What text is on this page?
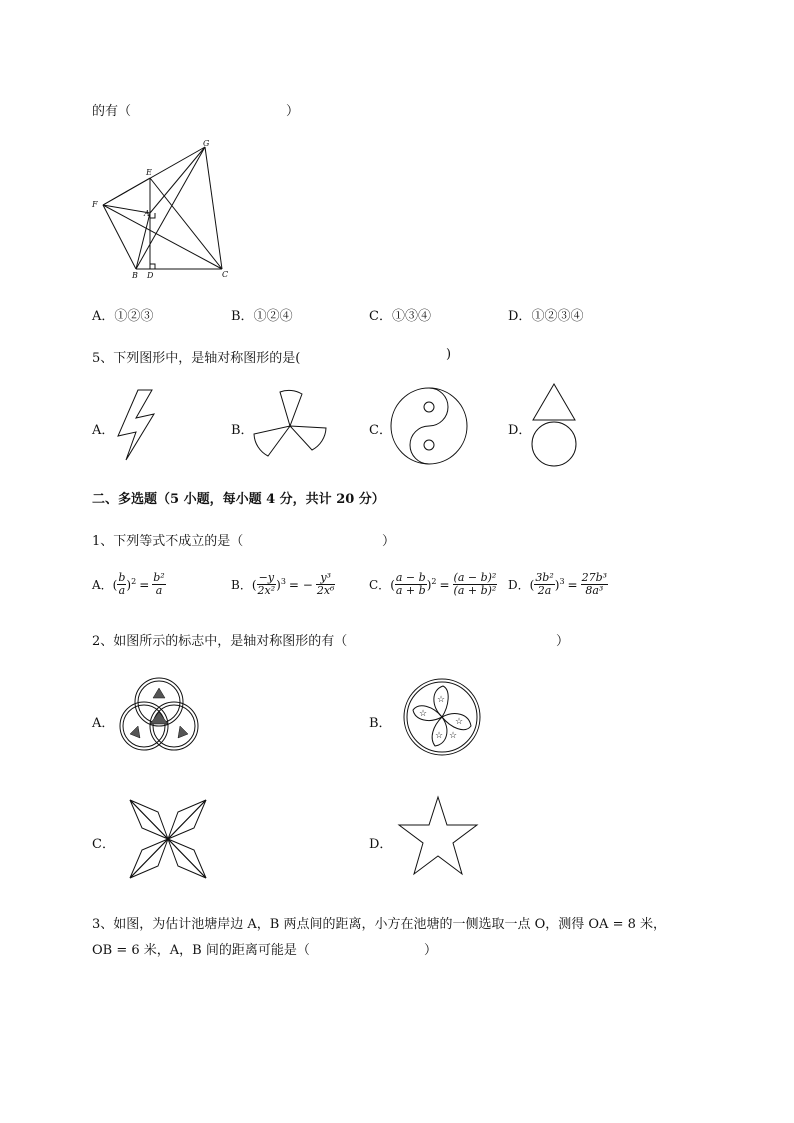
的有（	）
G
E
F
A
B D	C
A．①②③	B．①②④	C．①③④	D．①②③④
5、下列图形中，是轴对称图形的是(	)
A．	B．	C．	D．
二、多选题（5 小题，每小题 4 分，共计 20 分）
1、下列等式不成立的是（	）
A． ( $\frac{b}{a} )^2 = \frac{\text{b²}}{a}$	B． ( $\frac{-y}{\text{2x²}} )^3$ = − $\frac{\text{y³}}{\text{2x⁶}}$	C． ( $\frac{a - b}{a + b} )^2 = \frac{\text{(a − b)²}}{\text{(a + b)²}}$ D． ( $\frac{\text{3b²}}{2a} )^3 = \frac{\text{27b³}}{\text{8a³}}$
2、如图所示的标志中，是轴对称图形的有（	）
A．	B．
☆
☆
☆
☆
☆
C．	D．
3、如图，为估计池塘岸边 A，B 两点间的距离，小方在池塘的一侧选取一点 O，测得 OA = 8 米，
OB = 6 米，A，B 间的距离可能是（	）
